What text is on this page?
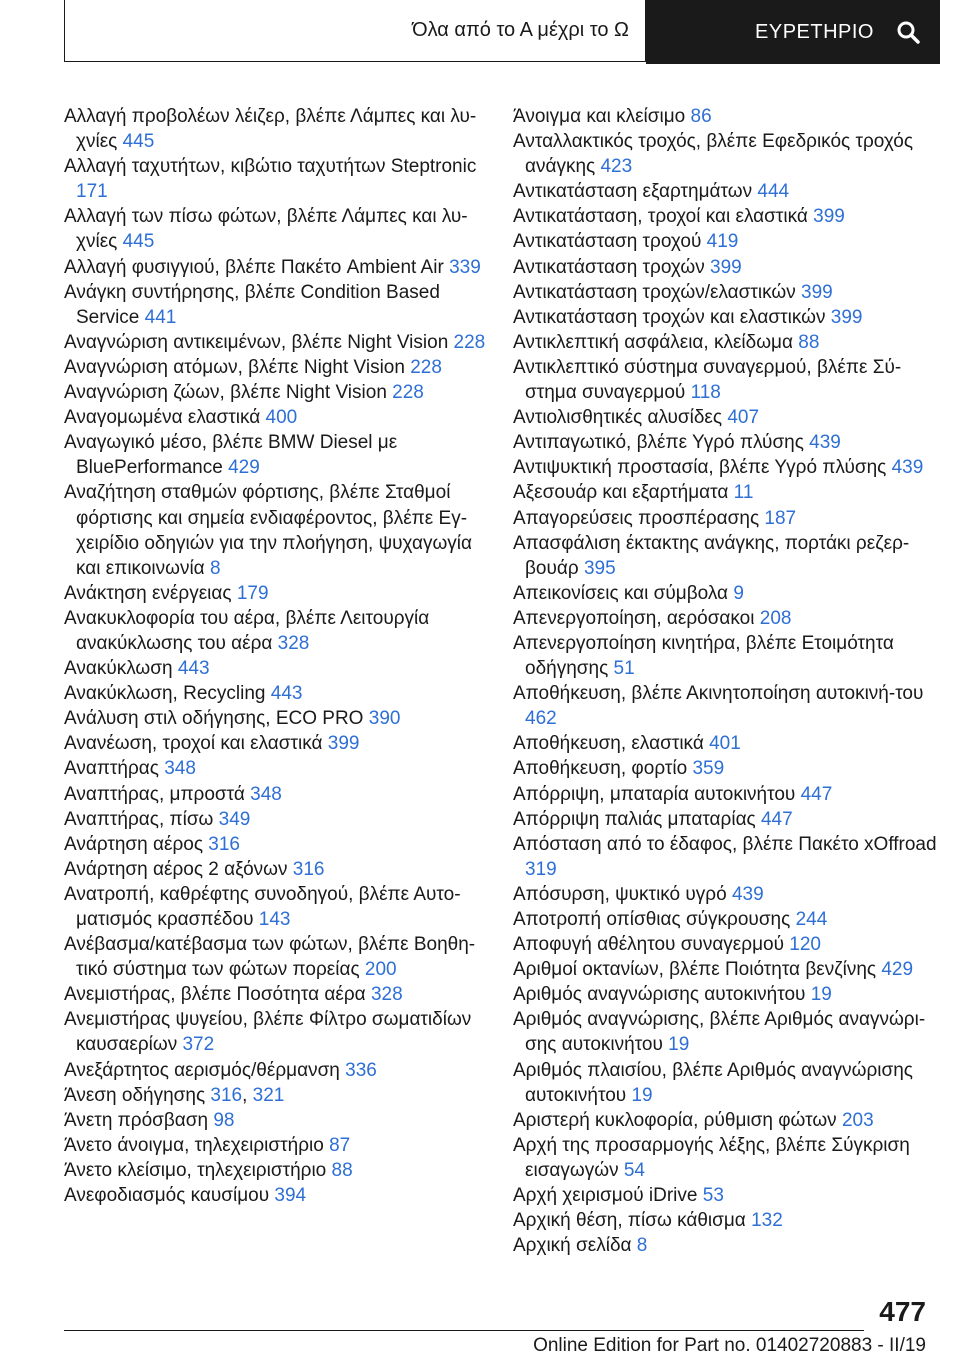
Όλα από το Α μέχρι το Ω	ΕΥΡΕΤΗΡΙΟ
Αλλαγή προβολέων λέιζερ, βλέπε Λάμπες και λυ‐χνίες 445
Αλλαγή ταχυτήτων, κιβώτιο ταχυτήτων Steptronic 171
Αλλαγή των πίσω φώτων, βλέπε Λάμπες και λυ‐χνίες 445
Αλλαγή φυσιγγιού, βλέπε Πακέτο Ambient Air 339
Ανάγκη συντήρησης, βλέπε Condition Based Service 441
Αναγνώριση αντικειμένων, βλέπε Night Vision 228
Αναγνώριση ατόμων, βλέπε Night Vision 228
Αναγνώριση ζώων, βλέπε Night Vision 228
Αναγομωμένα ελαστικά 400
Αναγωγικό μέσο, βλέπε BMW Diesel με BluePerformance 429
Αναζήτηση σταθμών φόρτισης, βλέπε Σταθμοί φόρτισης και σημεία ενδιαφέροντος, βλέπε Εγ‐χειρίδιο οδηγιών για την πλοήγηση, ψυχαγωγία και επικοινωνία 8
Ανάκτηση ενέργειας 179
Ανακυκλοφορία του αέρα, βλέπε Λειτουργία ανακύκλωσης του αέρα 328
Ανακύκλωση 443
Ανακύκλωση, Recycling 443
Ανάλυση στιλ οδήγησης, ECO PRO 390
Ανανέωση, τροχοί και ελαστικά 399
Αναπτήρας 348
Αναπτήρας, μπροστά 348
Αναπτήρας, πίσω 349
Ανάρτηση αέρος 316
Ανάρτηση αέρος 2 αξόνων 316
Ανατροπή, καθρέφτης συνοδηγού, βλέπε Αυτο‐ματισμός κρασπέδου 143
Ανέβασμα/κατέβασμα των φώτων, βλέπε Βοηθη‐τικό σύστημα των φώτων πορείας 200
Ανεμιστήρας, βλέπε Ποσότητα αέρα 328
Ανεμιστήρας ψυγείου, βλέπε Φίλτρο σωματιδίων καυσαερίων 372
Ανεξάρτητος αερισμός/θέρμανση 336
Άνεση οδήγησης 316, 321
Άνετη πρόσβαση 98
Άνετο άνοιγμα, τηλεχειριστήριο 87
Άνετο κλείσιμο, τηλεχειριστήριο 88
Ανεφοδιασμός καυσίμου 394
Άνοιγμα και κλείσιμο 86
Ανταλλακτικός τροχός, βλέπε Εφεδρικός τροχός ανάγκης 423
Αντικατάσταση εξαρτημάτων 444
Αντικατάσταση, τροχοί και ελαστικά 399
Αντικατάσταση τροχού 419
Αντικατάσταση τροχών 399
Αντικατάσταση τροχών/ελαστικών 399
Αντικατάσταση τροχών και ελαστικών 399
Αντικλεπτική ασφάλεια, κλείδωμα 88
Αντικλεπτικό σύστημα συναγερμού, βλέπε Σύ‐στημα συναγερμού 118
Αντιολισθητικές αλυσίδες 407
Αντιπαγωτικό, βλέπε Υγρό πλύσης 439
Αντιψυκτική προστασία, βλέπε Υγρό πλύσης 439
Αξεσουάρ και εξαρτήματα 11
Απαγορεύσεις προσπέρασης 187
Απασφάλιση έκτακτης ανάγκης, πορτάκι ρεζερ‐βουάρ 395
Απεικονίσεις και σύμβολα 9
Απενεργοποίηση, αερόσακοι 208
Απενεργοποίηση κινητήρα, βλέπε Ετοιμότητα οδήγησης 51
Αποθήκευση, βλέπε Ακινητοποίηση αυτοκινή‐του 462
Αποθήκευση, ελαστικά 401
Αποθήκευση, φορτίο 359
Απόρριψη, μπαταρία αυτοκινήτου 447
Απόρριψη παλιάς μπαταρίας 447
Απόσταση από το έδαφος, βλέπε Πακέτο xOffroad 319
Απόσυρση, ψυκτικό υγρό 439
Αποτροπή οπίσθιας σύγκρουσης 244
Αποφυγή αθέλητου συναγερμού 120
Αριθμοί οκτανίων, βλέπε Ποιότητα βενζίνης 429
Αριθμός αναγνώρισης αυτοκινήτου 19
Αριθμός αναγνώρισης, βλέπε Αριθμός αναγνώρι‐σης αυτοκινήτου 19
Αριθμός πλαισίου, βλέπε Αριθμός αναγνώρισης αυτοκινήτου 19
Αριστερή κυκλοφορία, ρύθμιση φώτων 203
Αρχή της προσαρμογής λέξης, βλέπε Σύγκριση εισαγωγών 54
Αρχή χειρισμού iDrive 53
Αρχική θέση, πίσω κάθισμα 132
Αρχική σελίδα 8
477
Online Edition for Part no. 01402720883 - II/19
